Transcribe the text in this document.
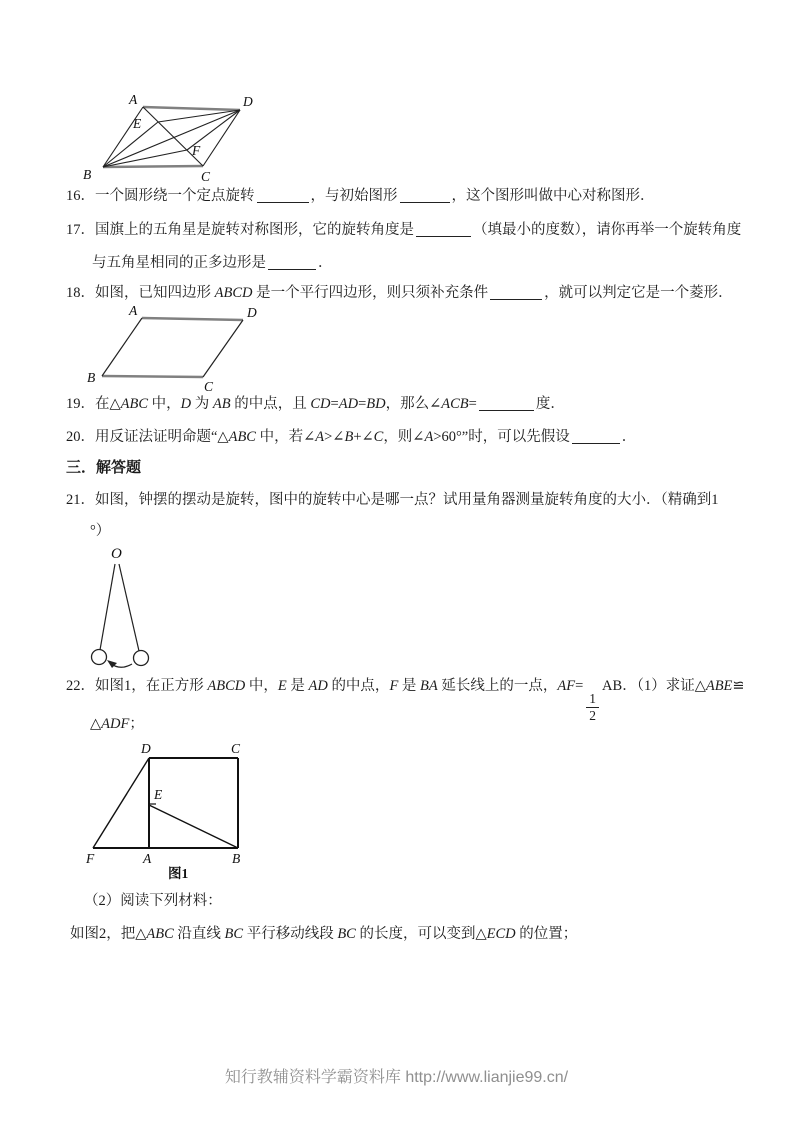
A	D
B	C
E
F
16．一个圆形绕一个定点旋转	，与初始图形	，这个图形叫做中心对称图形．
17．国旗上的五角星是旋转对称图形，它的旋转角度是	（填最小的度数），请你再举一个旋转角度
与五角星相同的正多边形是	．
18．如图，已知四边形 ABCD 是一个平行四边形，则只须补充条件	，就可以判定它是一个菱形．
A	D
B
C
19．在△ABC 中，D 为 AB 的中点，且 CD=AD=BD，那么∠ACB=	度．
20．用反证法证明命题“△ABC 中，若∠A>∠B+∠C，则∠A>60°”时，可以先假设	．
三．解答题
21．如图，钟摆的摆动是旋转，图中的旋转中心是哪一点？试用量角器测量旋转角度的大小．（精确到1
°）
O
22．如图1，在正方形 ABCD 中，E 是 AD 的中点，F 是 BA 延长线上的一点，AF=
$\frac{1}{2}$
AB．（1）求证△ABE≌
△ADF；
D	C
E
F	A	B
图1
（2）阅读下列材料：
如图2，把△ABC 沿直线 BC 平行移动线段 BC 的长度，可以变到△ECD 的位置；
知行教辅资料学霸资料库 http://www.lianjie99.cn/
